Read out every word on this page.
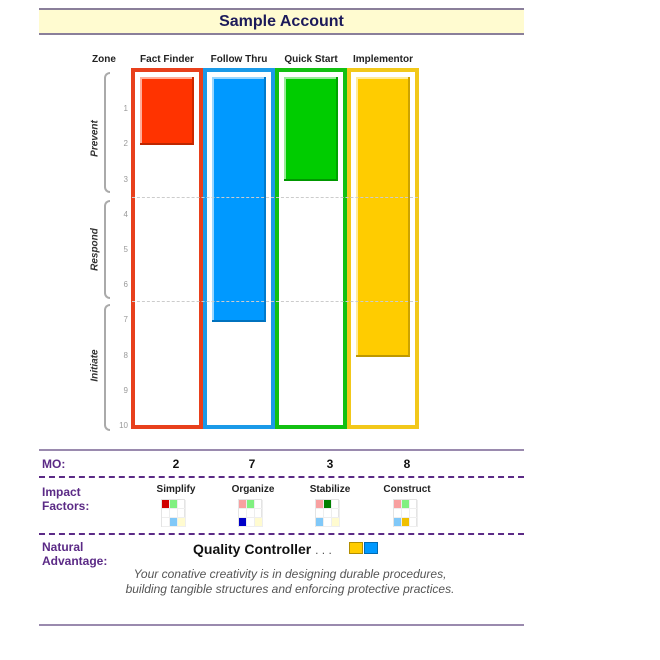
Sample Account
Zone	Fact Finder	Follow Thru	Quick Start	Implementor
1
2
3
4
5
6
7
8
9
10
Prevent
Respond
Initiate
MO:	2	7	3	8
Impact
Factors:
Simplify	Organize	Stabilize	Construct
Natural
Advantage:
Quality Controller . . .
Your conative creativity is in designing durable procedures, building tangible structures and enforcing protective practices.
